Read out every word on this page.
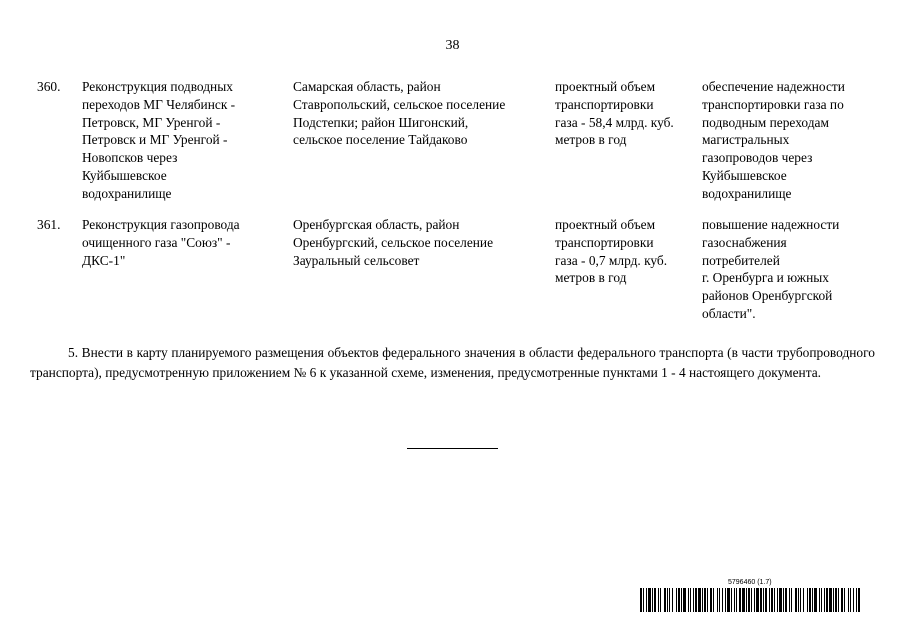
38
360.	Реконструкция подводных
переходов МГ Челябинск -
Петровск, МГ Уренгой -
Петровск и МГ Уренгой -
Новопсков через
Куйбышевское
водохранилище
Самарская область, район
Ставропольский, сельское поселение
Подстепки; район Шигонский,
сельское поселение Тайдаково
проектный объем
транспортировки
газа - 58,4 млрд. куб.
метров в год
обеспечение надежности
транспортировки газа по
подводным переходам
магистральных
газопроводов через
Куйбышевское
водохранилище
361.	Реконструкция газопровода
очищенного газа "Союз" -
ДКС-1"
Оренбургская область, район
Оренбургский, сельское поселение
Зауральный сельсовет
проектный объем
транспортировки
газа - 0,7 млрд. куб.
метров в год
повышение надежности
газоснабжения
потребителей
г. Оренбурга и южных
районов Оренбургской
области".

5. Внести в карту планируемого размещения объектов федерального значения в области федерального транспорта (в части трубопроводного транспорта), предусмотренную приложением № 6 к указанной схеме, изменения, предусмотренные пунктами 1 - 4 настоящего документа.

5796460 (1.7)
